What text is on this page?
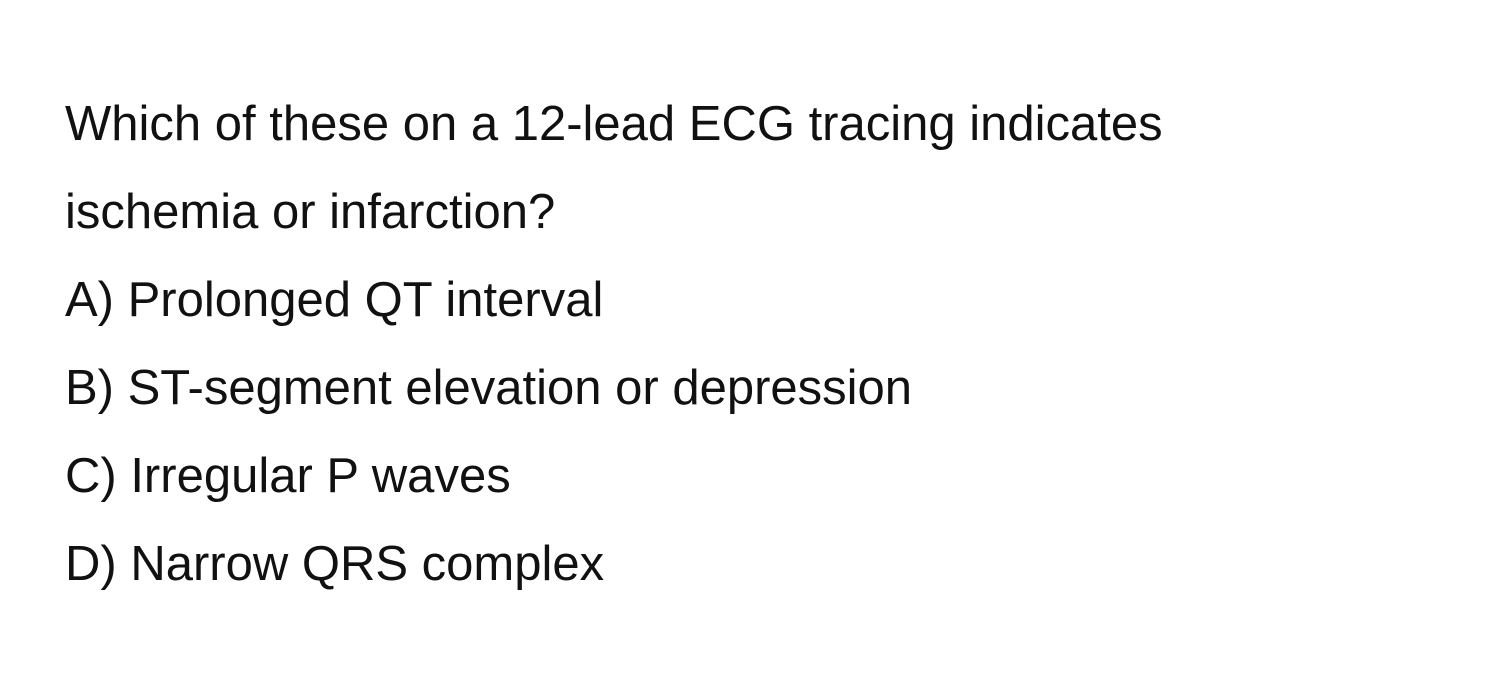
Which of these on a 12-lead ECG tracing indicates
ischemia or infarction?
A) Prolonged QT interval
B) ST-segment elevation or depression
C) Irregular P waves
D) Narrow QRS complex
